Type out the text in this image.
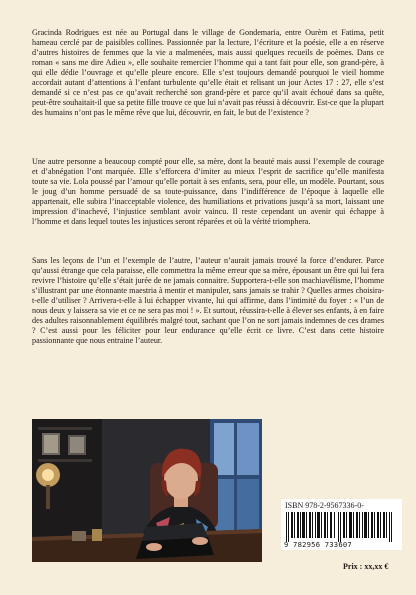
Gracinda Rodrigues est née au Portugal dans le village de Gondemaria, entre Ourèm et Fatima, petit hameau cerclé par de paisibles collines. Passionnée par la lecture, l’écriture et la poésie, elle a en réserve d’autres histoires de femmes que la vie a malmenées, mais aussi quelques recueils de poèmes. Dans ce roman « sans me dire Adieu », elle souhaite remercier l’homme qui a tant fait pour elle, son grand-père, à qui elle dédie l’ouvrage et qu’elle pleure encore. Elle s’est toujours demandé pourquoi le vieil homme accordait autant d’attentions à l’enfant turbulente qu’elle était et relisant un jour Actes 17 : 27, elle s’est demandé si ce n’est pas ce qu’avait recherché son grand-père et parce qu’il avait échoué dans sa quête, peut-être souhaitait-il que sa petite fille trouve ce que lui n’avait pas réussi à découvrir. Est-ce que la plupart des humains n’ont pas le même rêve que lui, découvrir, en fait, le but de l’existence ?

Une autre personne a beaucoup compté pour elle, sa mère, dont la beauté mais aussi l’exemple de courage et d’abnégation l’ont marquée. Elle s’efforcera d’imiter au mieux l’esprit de sacrifice qu’elle manifesta toute sa vie. Lola poussé par l’amour qu’elle portait à ses enfants, sera, pour elle, un modèle. Pourtant, sous le joug d’un homme persuadé de sa toute-puissance, dans l’indifférence de l’époque à laquelle elle appartenait, elle subira l’inacceptable violence, des humiliations et privations jusqu’à sa mort, laissant une impression d’inachevé, l’injustice semblant avoir vaincu. Il reste cependant un avenir qui échappe à l’homme et dans lequel toutes les injustices seront réparées et où la vérité triomphera.

Sans les leçons de l’un et l’exemple de l’autre, l’auteur n’aurait jamais trouvé la force d’endurer. Parce qu’aussi étrange que cela paraisse, elle commettra la même erreur que sa mère, épousant un être qui lui fera revivre l’histoire qu’elle s’était jurée de ne jamais connaitre. Supportera-t-elle son machiavélisme, l’homme s’illustrant par une étonnante maestria à mentir et manipuler, sans jamais se trahir ? Quelles armes choisira-t-elle d’utiliser ? Arrivera-t-elle à lui échapper vivante, lui qui affirme, dans l’intimité du foyer : « l’un de nous deux y laissera sa vie et ce ne sera pas moi ! ». Et surtout, réussira-t-elle à élever ses enfants, à en faire des adultes raisonnablement équilibrés malgré tout, sachant que l’on ne sort jamais indemnes de ces drames ? C’est aussi pour les féliciter pour leur endurance qu’elle écrit ce livre. C’est dans cette histoire passionnante que nous entraine l’auteur.

ISBN 978-2-9567336-0-
9 782956 733607
Prix : xx,xx €
